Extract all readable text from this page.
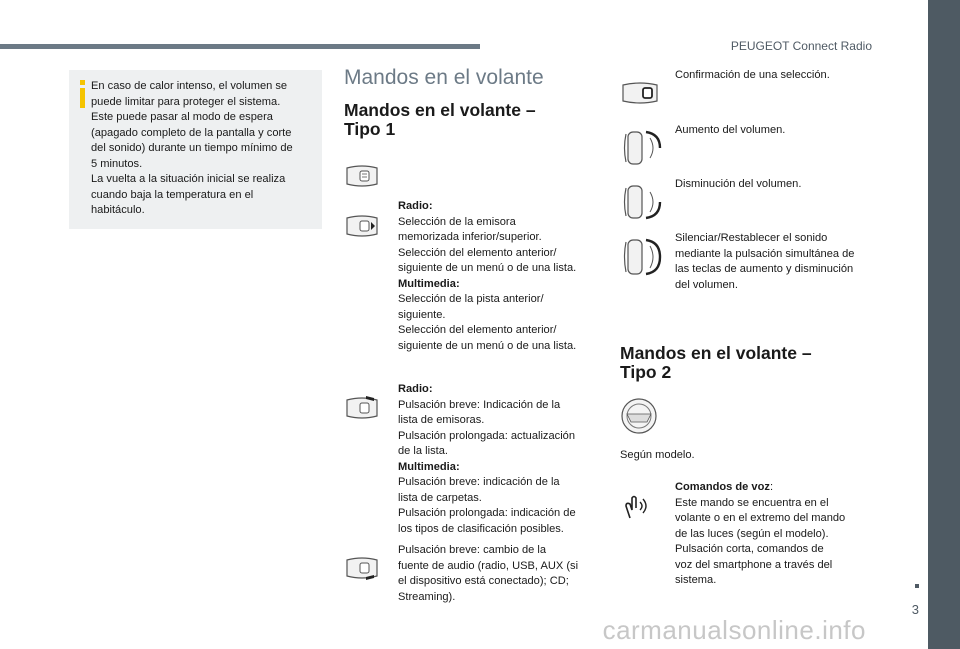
PEUGEOT Connect Radio
En caso de calor intenso, el volumen se
puede limitar para proteger el sistema.
Este puede pasar al modo de espera
(apagado completo de la pantalla y corte
del sonido) durante un tiempo mínimo de
5 minutos.
La vuelta a la situación inicial se realiza
cuando baja la temperatura en el
habitáculo.
Mandos en el volante
Mandos en el volante –
Tipo 1
Radio:
Selección de la emisora
memorizada inferior/superior.
Selección del elemento anterior/
siguiente de un menú o de una lista.
Multimedia:
Selección de la pista anterior/
siguiente.
Selección del elemento anterior/
siguiente de un menú o de una lista.
Radio:
Pulsación breve: Indicación de la
lista de emisoras.
Pulsación prolongada: actualización
de la lista.
Multimedia:
Pulsación breve: indicación de la
lista de carpetas.
Pulsación prolongada: indicación de
los tipos de clasificación posibles.
Pulsación breve: cambio de la
fuente de audio (radio, USB, AUX (si
el dispositivo está conectado); CD;
Streaming).
Confirmación de una selección.
Aumento del volumen.
Disminución del volumen.
Silenciar/Restablecer el sonido
mediante la pulsación simultánea de
las teclas de aumento y disminución
del volumen.
Mandos en el volante –
Tipo 2
Según modelo.
Comandos de voz:
Este mando se encuentra en el
volante o en el extremo del mando
de las luces (según el modelo).
Pulsación corta, comandos de
voz del smartphone a través del
sistema.
3
carmanualsonline.info
